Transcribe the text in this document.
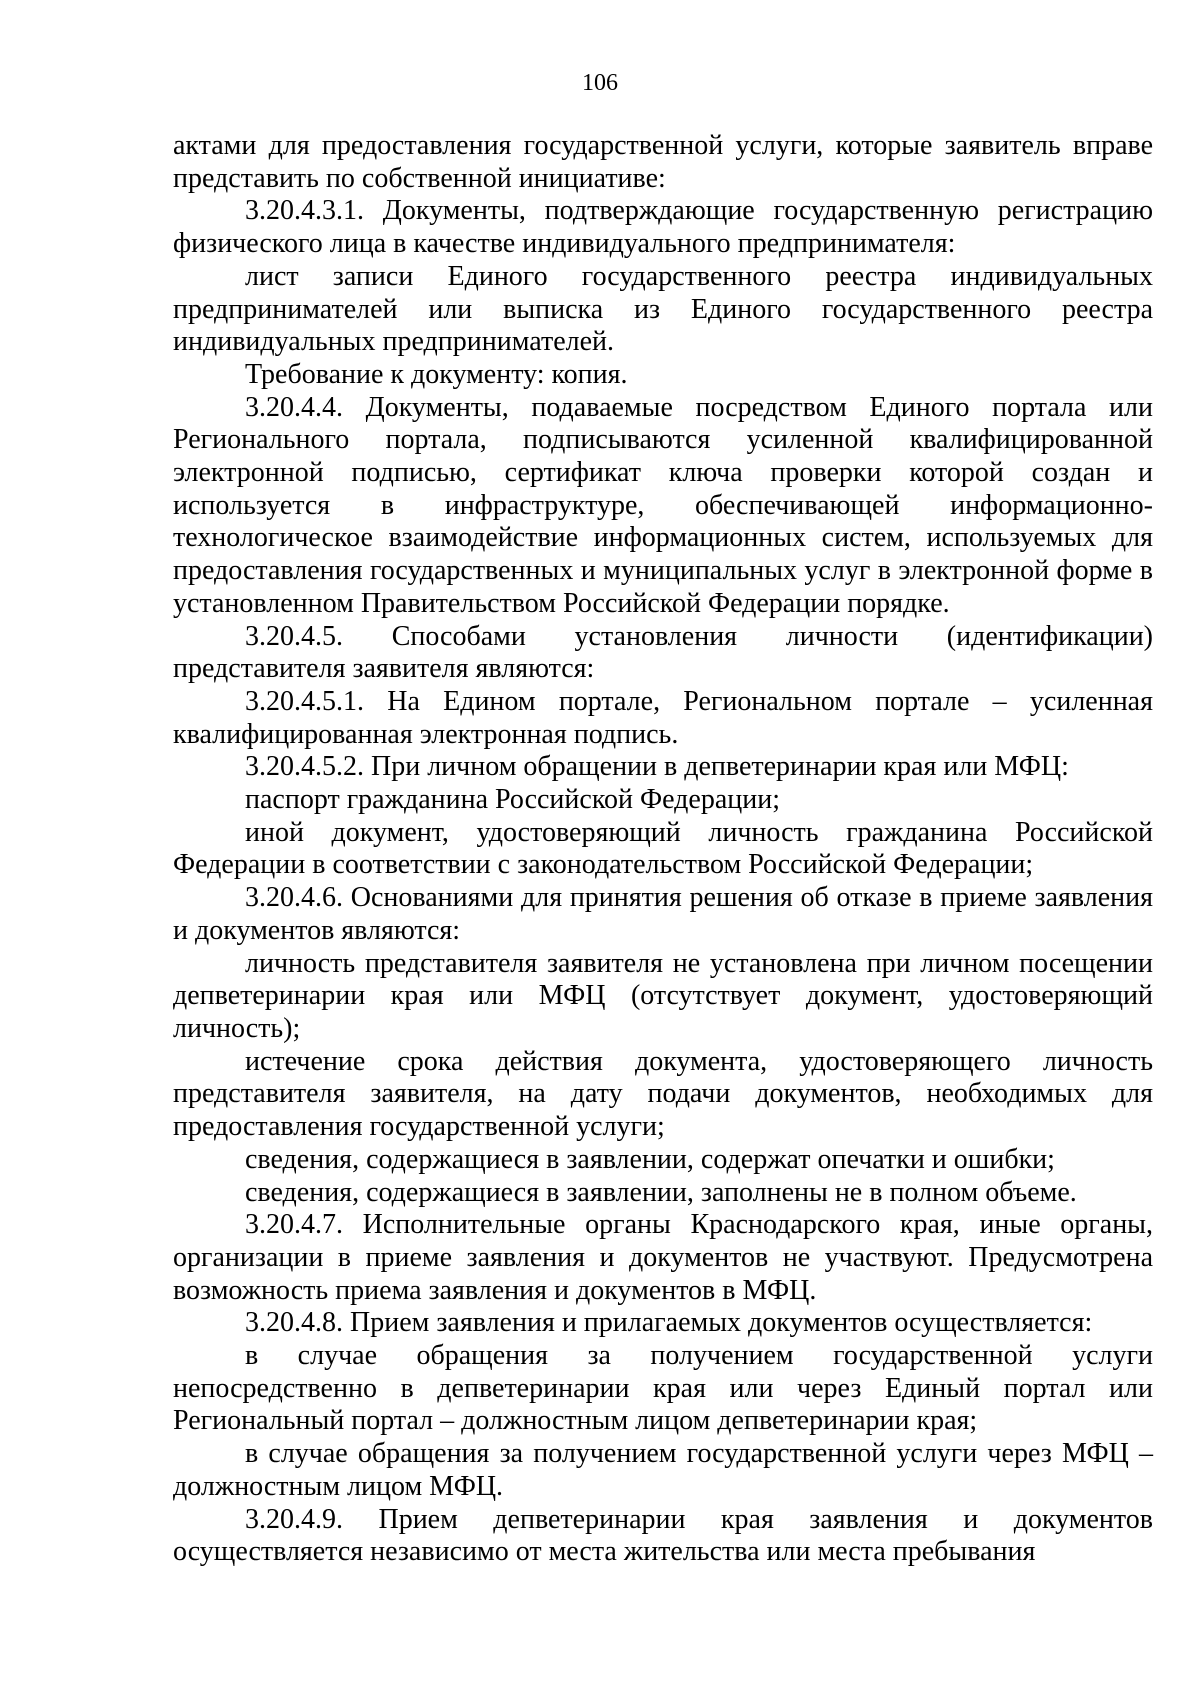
106

актами для предоставления государственной услуги, которые заявитель вправе представить по собственной инициативе:

3.20.4.3.1. Документы, подтверждающие государственную регистрацию физического лица в качестве индивидуального предпринимателя:

лист записи Единого государственного реестра индивидуальных предпринимателей или выписка из Единого государственного реестра индивидуальных предпринимателей.

Требование к документу: копия.

3.20.4.4. Документы, подаваемые посредством Единого портала или Регионального портала, подписываются усиленной квалифицированной электронной подписью, сертификат ключа проверки которой создан и используется в инфраструктуре, обеспечивающей информационно-технологическое взаимодействие информационных систем, используемых для предоставления государственных и муниципальных услуг в электронной форме в установленном Правительством Российской Федерации порядке.

3.20.4.5. Способами установления личности (идентификации) представителя заявителя являются:

3.20.4.5.1. На Едином портале, Региональном портале – усиленная квалифицированная электронная подпись.

3.20.4.5.2. При личном обращении в депветеринарии края или МФЦ:

паспорт гражданина Российской Федерации;

иной документ, удостоверяющий личность гражданина Российской Федерации в соответствии с законодательством Российской Федерации;

3.20.4.6. Основаниями для принятия решения об отказе в приеме заявления и документов являются:

личность представителя заявителя не установлена при личном посещении депветеринарии края или МФЦ (отсутствует документ, удостоверяющий личность);

истечение срока действия документа, удостоверяющего личность представителя заявителя, на дату подачи документов, необходимых для предоставления государственной услуги;

сведения, содержащиеся в заявлении, содержат опечатки и ошибки;

сведения, содержащиеся в заявлении, заполнены не в полном объеме.

3.20.4.7. Исполнительные органы Краснодарского края, иные органы, организации в приеме заявления и документов не участвуют. Предусмотрена возможность приема заявления и документов в МФЦ.

3.20.4.8. Прием заявления и прилагаемых документов осуществляется:

в случае обращения за получением государственной услуги непосредственно в депветеринарии края или через Единый портал или Региональный портал – должностным лицом депветеринарии края;

в случае обращения за получением государственной услуги через МФЦ – должностным лицом МФЦ.

3.20.4.9. Прием депветеринарии края заявления и документов осуществляется независимо от места жительства или места пребывания
